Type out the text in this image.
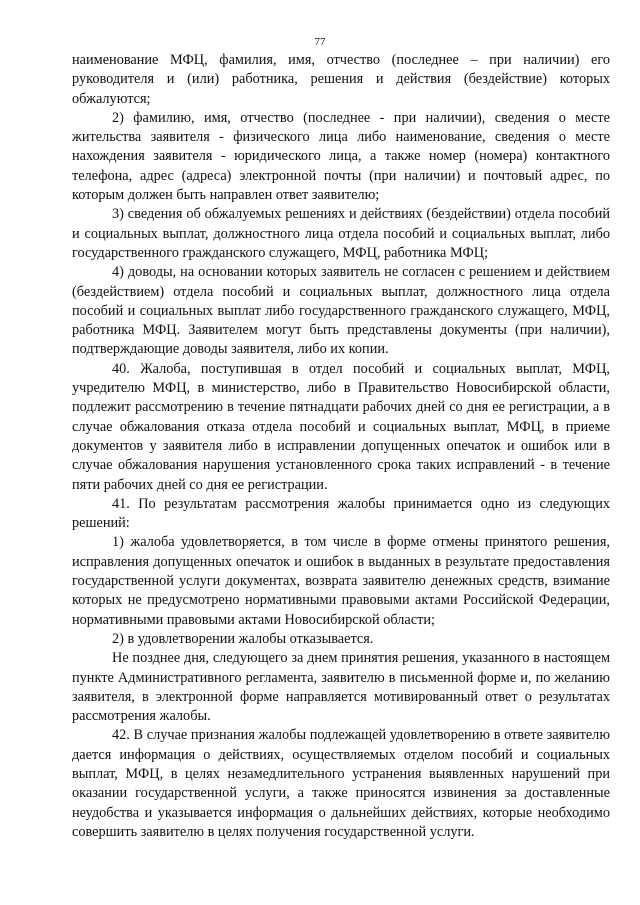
77

наименование МФЦ, фамилия, имя, отчество (последнее – при наличии) его руководителя и (или) работника, решения и действия (бездействие) которых обжалуются;

2) фамилию, имя, отчество (последнее - при наличии), сведения о месте жительства заявителя - физического лица либо наименование, сведения о месте нахождения заявителя - юридического лица, а также номер (номера) контактного телефона, адрес (адреса) электронной почты (при наличии) и почтовый адрес, по которым должен быть направлен ответ заявителю;

3) сведения об обжалуемых решениях и действиях (бездействии) отдела пособий и социальных выплат, должностного лица отдела пособий и социальных выплат, либо государственного гражданского служащего, МФЦ, работника МФЦ;

4) доводы, на основании которых заявитель не согласен с решением и действием (бездействием) отдела пособий и социальных выплат, должностного лица отдела пособий и социальных выплат либо государственного гражданского служащего, МФЦ, работника МФЦ. Заявителем могут быть представлены документы (при наличии), подтверждающие доводы заявителя, либо их копии.

40. Жалоба, поступившая в отдел пособий и социальных выплат, МФЦ, учредителю МФЦ, в министерство, либо в Правительство Новосибирской области, подлежит рассмотрению в течение пятнадцати рабочих дней со дня ее регистрации, а в случае обжалования отказа отдела пособий и социальных выплат, МФЦ, в приеме документов у заявителя либо в исправлении допущенных опечаток и ошибок или в случае обжалования нарушения установленного срока таких исправлений - в течение пяти рабочих дней со дня ее регистрации.

41. По результатам рассмотрения жалобы принимается одно из следующих решений:

1) жалоба удовлетворяется, в том числе в форме отмены принятого решения, исправления допущенных опечаток и ошибок в выданных в результате предоставления государственной услуги документах, возврата заявителю денежных средств, взимание которых не предусмотрено нормативными правовыми актами Российской Федерации, нормативными правовыми актами Новосибирской области;

2) в удовлетворении жалобы отказывается.

Не позднее дня, следующего за днем принятия решения, указанного в настоящем пункте Административного регламента, заявителю в письменной форме и, по желанию заявителя, в электронной форме направляется мотивированный ответ о результатах рассмотрения жалобы.

42. В случае признания жалобы подлежащей удовлетворению в ответе заявителю дается информация о действиях, осуществляемых отделом пособий и социальных выплат, МФЦ, в целях незамедлительного устранения выявленных нарушений при оказании государственной услуги, а также приносятся извинения за доставленные неудобства и указывается информация о дальнейших действиях, которые необходимо совершить заявителю в целях получения государственной услуги.
